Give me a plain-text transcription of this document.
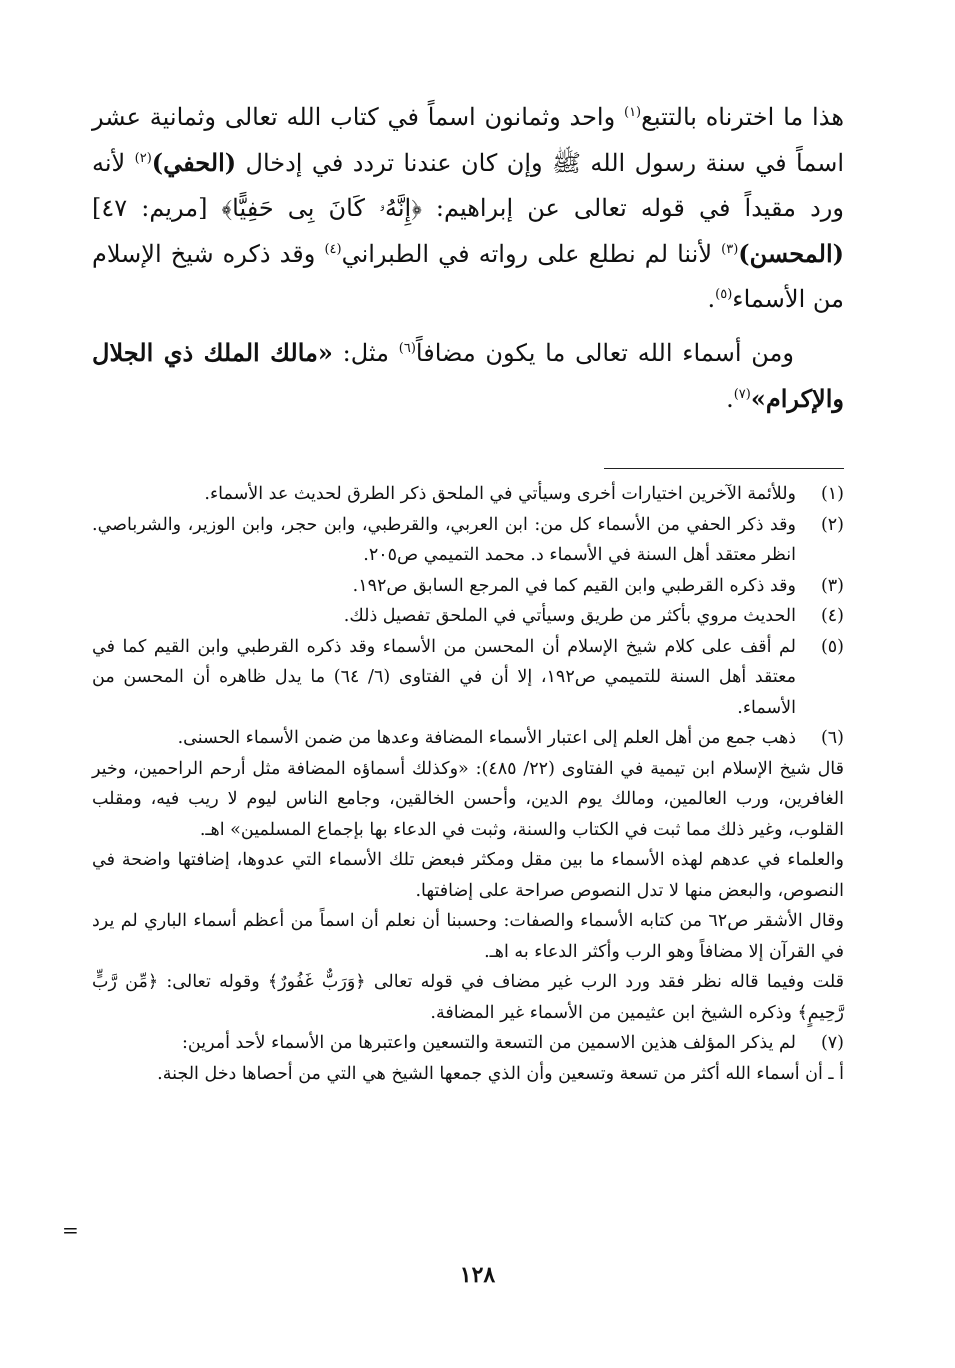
هذا ما اخترناه بالتتبع$^{(١)}$ واحد وثمانون اسماً في كتاب الله تعالى وثمانية عشر اسماً في سنة رسول الله ﷺ وإن كان عندنا تردد في إدخال (الحفي)$^{(٢)}$ لأنه ورد مقيداً في قوله تعالى عن إبراهيم: ﴿إِنَّهُۥ كَانَ بِى حَفِيًّا﴾ [مريم: ٤٧] (المحسن)$^{(٣)}$ لأننا لم نطلع على رواته في الطبراني$^{(٤)}$ وقد ذكره شيخ الإسلام من الأسماء$^{(٥)}$.

ومن أسماء الله تعالى ما يكون مضافاً$^{(٦)}$ مثل: «مالك الملك ذي الجلال والإكرام»$^{(٧)}$.

(١)

وللأئمة الآخرين اختيارات أخرى وسيأتي في الملحق ذكر الطرق لحديث عد الأسماء.

(٢)

وقد ذكر الحفي من الأسماء كل من: ابن العربي، والقرطبي، وابن حجر، وابن الوزير، والشرباصي. انظر معتقد أهل السنة في الأسماء د. محمد التميمي ص٢٠٥.

(٣)

وقد ذكره القرطبي وابن القيم كما في المرجع السابق ص١٩٢.

(٤)

الحديث مروي بأكثر من طريق وسيأتي في الملحق تفصيل ذلك.

(٥)

لم أقف على كلام شيخ الإسلام أن المحسن من الأسماء وقد ذكره القرطبي وابن القيم كما في معتقد أهل السنة للتميمي ص١٩٢، إلا أن في الفتاوى (٦/ ٦٤) ما يدل ظاهره أن المحسن من الأسماء.

(٦)

ذهب جمع من أهل العلم إلى اعتبار الأسماء المضافة وعدها من ضمن الأسماء الحسنى.

قال شيخ الإسلام ابن تيمية في الفتاوى (٢٢/ ٤٨٥): «وكذلك أسماؤه المضافة مثل أرحم الراحمين، وخير الغافرين، ورب العالمين، ومالك يوم الدين، وأحسن الخالقين، وجامع الناس ليوم لا ريب فيه، ومقلب القلوب، وغير ذلك مما ثبت في الكتاب والسنة، وثبت في الدعاء بها بإجماع المسلمين» اهـ.

والعلماء في عدهم لهذه الأسماء ما بين مقل ومكثر فبعض تلك الأسماء التي عدوها، إضافتها واضحة في النصوص، والبعض منها لا تدل النصوص صراحة على إضافتها.

وقال الأشقر ص٦٢ من كتابه الأسماء والصفات: وحسبنا أن نعلم أن اسماً من أعظم أسماء الباري لم يرد في القرآن إلا مضافاً وهو الرب وأكثر الدعاء به اهـ.

قلت وفيما قاله نظر فقد ورد الرب غير مضاف في قوله تعالى ﴿وَرَبٌّ غَفُورٌ﴾ وقوله تعالى: ﴿مِّن رَّبٍّ رَّحِيمٍ﴾ وذكره الشيخ ابن عثيمين من الأسماء غير المضافة.

(٧)

لم يذكر المؤلف هذين الاسمين من التسعة والتسعين واعتبرها من الأسماء لأحد أمرين:

أ ـ أن أسماء الله أكثر من تسعة وتسعين وأن الذي جمعها الشيخ هي التي من أحصاها دخل الجنة.

=
١٢٨
